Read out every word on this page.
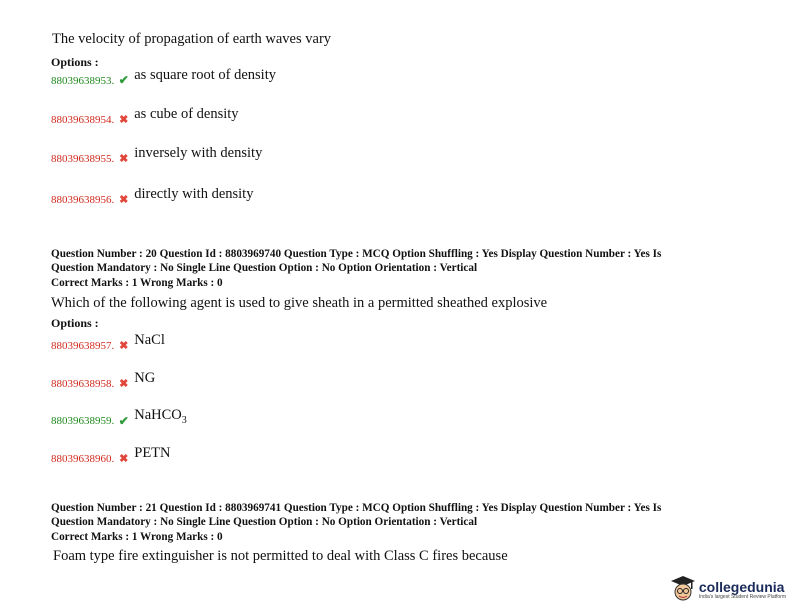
The velocity of propagation of earth waves vary
Options :
88039638953. ✔ as square root of density
88039638954. ✖ as cube of density
88039638955. ✖ inversely with density
88039638956. ✖ directly with density
Question Number : 20 Question Id : 8803969740 Question Type : MCQ Option Shuffling : Yes Display Question Number : Yes Is
Question Mandatory : No Single Line Question Option : No Option Orientation : Vertical
Correct Marks : 1 Wrong Marks : 0
Which of the following agent is used to give sheath in a permitted sheathed explosive
Options :
88039638957. ✖ NaCl
88039638958. ✖ NG
88039638959. ✔ NaHCO$_3$
88039638960. ✖ PETN
Question Number : 21 Question Id : 8803969741 Question Type : MCQ Option Shuffling : Yes Display Question Number : Yes Is
Question Mandatory : No Single Line Question Option : No Option Orientation : Vertical
Correct Marks : 1 Wrong Marks : 0
Foam type fire extinguisher is not permitted to deal with Class C fires because
collegedunia
India's largest Student Review Platform
